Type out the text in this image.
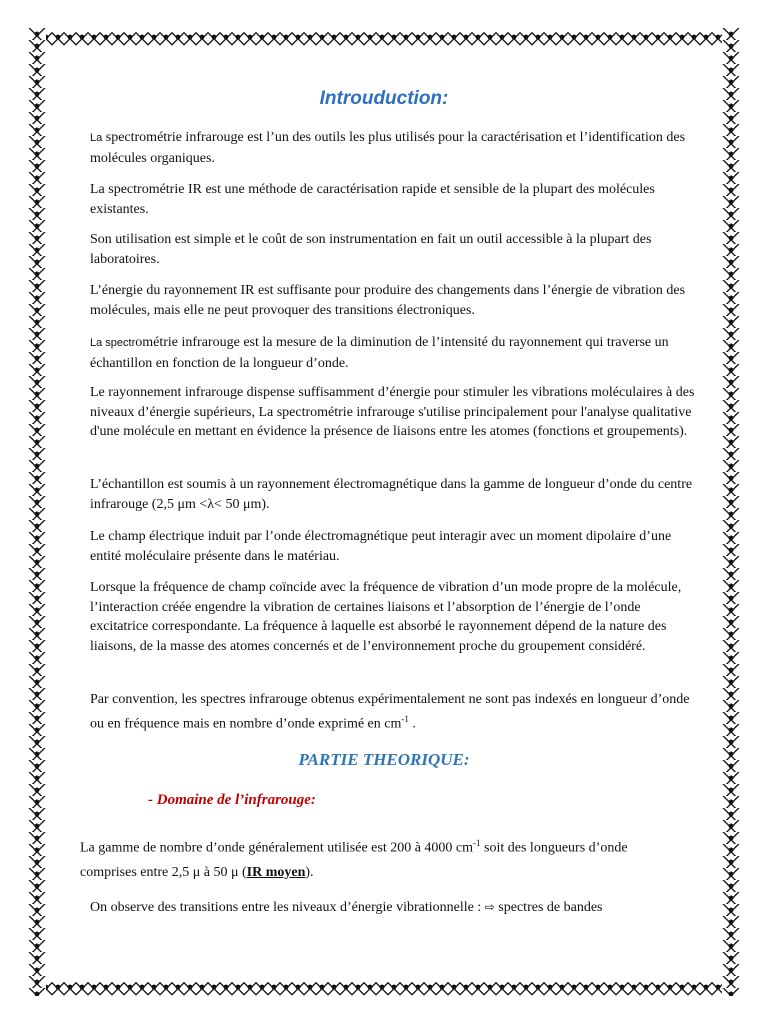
Introuduction:

La spectrométrie infrarouge est l’un des outils les plus utilisés pour la caractérisation et l’identification des molécules organiques.

La spectrométrie IR est une méthode de caractérisation rapide et sensible de la plupart des molécules existantes.

Son utilisation est simple et le coût de son instrumentation en fait un outil accessible à la plupart des laboratoires.

L’énergie du rayonnement IR est suffisante pour produire des changements dans l’énergie de vibration des molécules, mais elle ne peut provoquer des transitions électroniques.

La spectrométrie infrarouge est la mesure de la diminution de l’intensité du rayonnement qui traverse un échantillon en fonction de la longueur d’onde.

Le rayonnement infrarouge dispense suffisamment d’énergie pour stimuler les vibrations moléculaires à des niveaux d’énergie supérieurs, La spectrométrie infrarouge s'utilise principalement pour l'analyse qualitative d'une molécule en mettant en évidence la présence de liaisons entre les atomes (fonctions et groupements).

L’échantillon est soumis à un rayonnement électromagnétique dans la gamme de longueur d’onde du centre infrarouge (2,5 μm <λ< 50 μm).

Le champ électrique induit par l’onde électromagnétique peut interagir avec un moment dipolaire d’une entité moléculaire présente dans le matériau.

Lorsque la fréquence de champ coïncide avec la fréquence de vibration d’un mode propre de la molécule, l’interaction créée engendre la vibration de certaines liaisons et l’absorption de l’énergie de l’onde excitatrice correspondante. La fréquence à laquelle est absorbé le rayonnement dépend de la nature des liaisons, de la masse des atomes concernés et de l’environnement proche du groupement considéré.

Par convention, les spectres infrarouge obtenus expérimentalement ne sont pas indexés en longueur d’onde ou en fréquence mais en nombre d’onde exprimé en $cm^{-1}$ .

PARTIE THEORIQUE:
- Domaine de l’infrarouge:

La gamme de nombre d’onde généralement utilisée est 200 à 4000 $cm^{-1}$ soit des longueurs d’onde comprises entre 2,5 μ à 50 μ (IR moyen).

On observe des transitions entre les niveaux d’énergie vibrationnelle : ⇨ spectres de bandes
